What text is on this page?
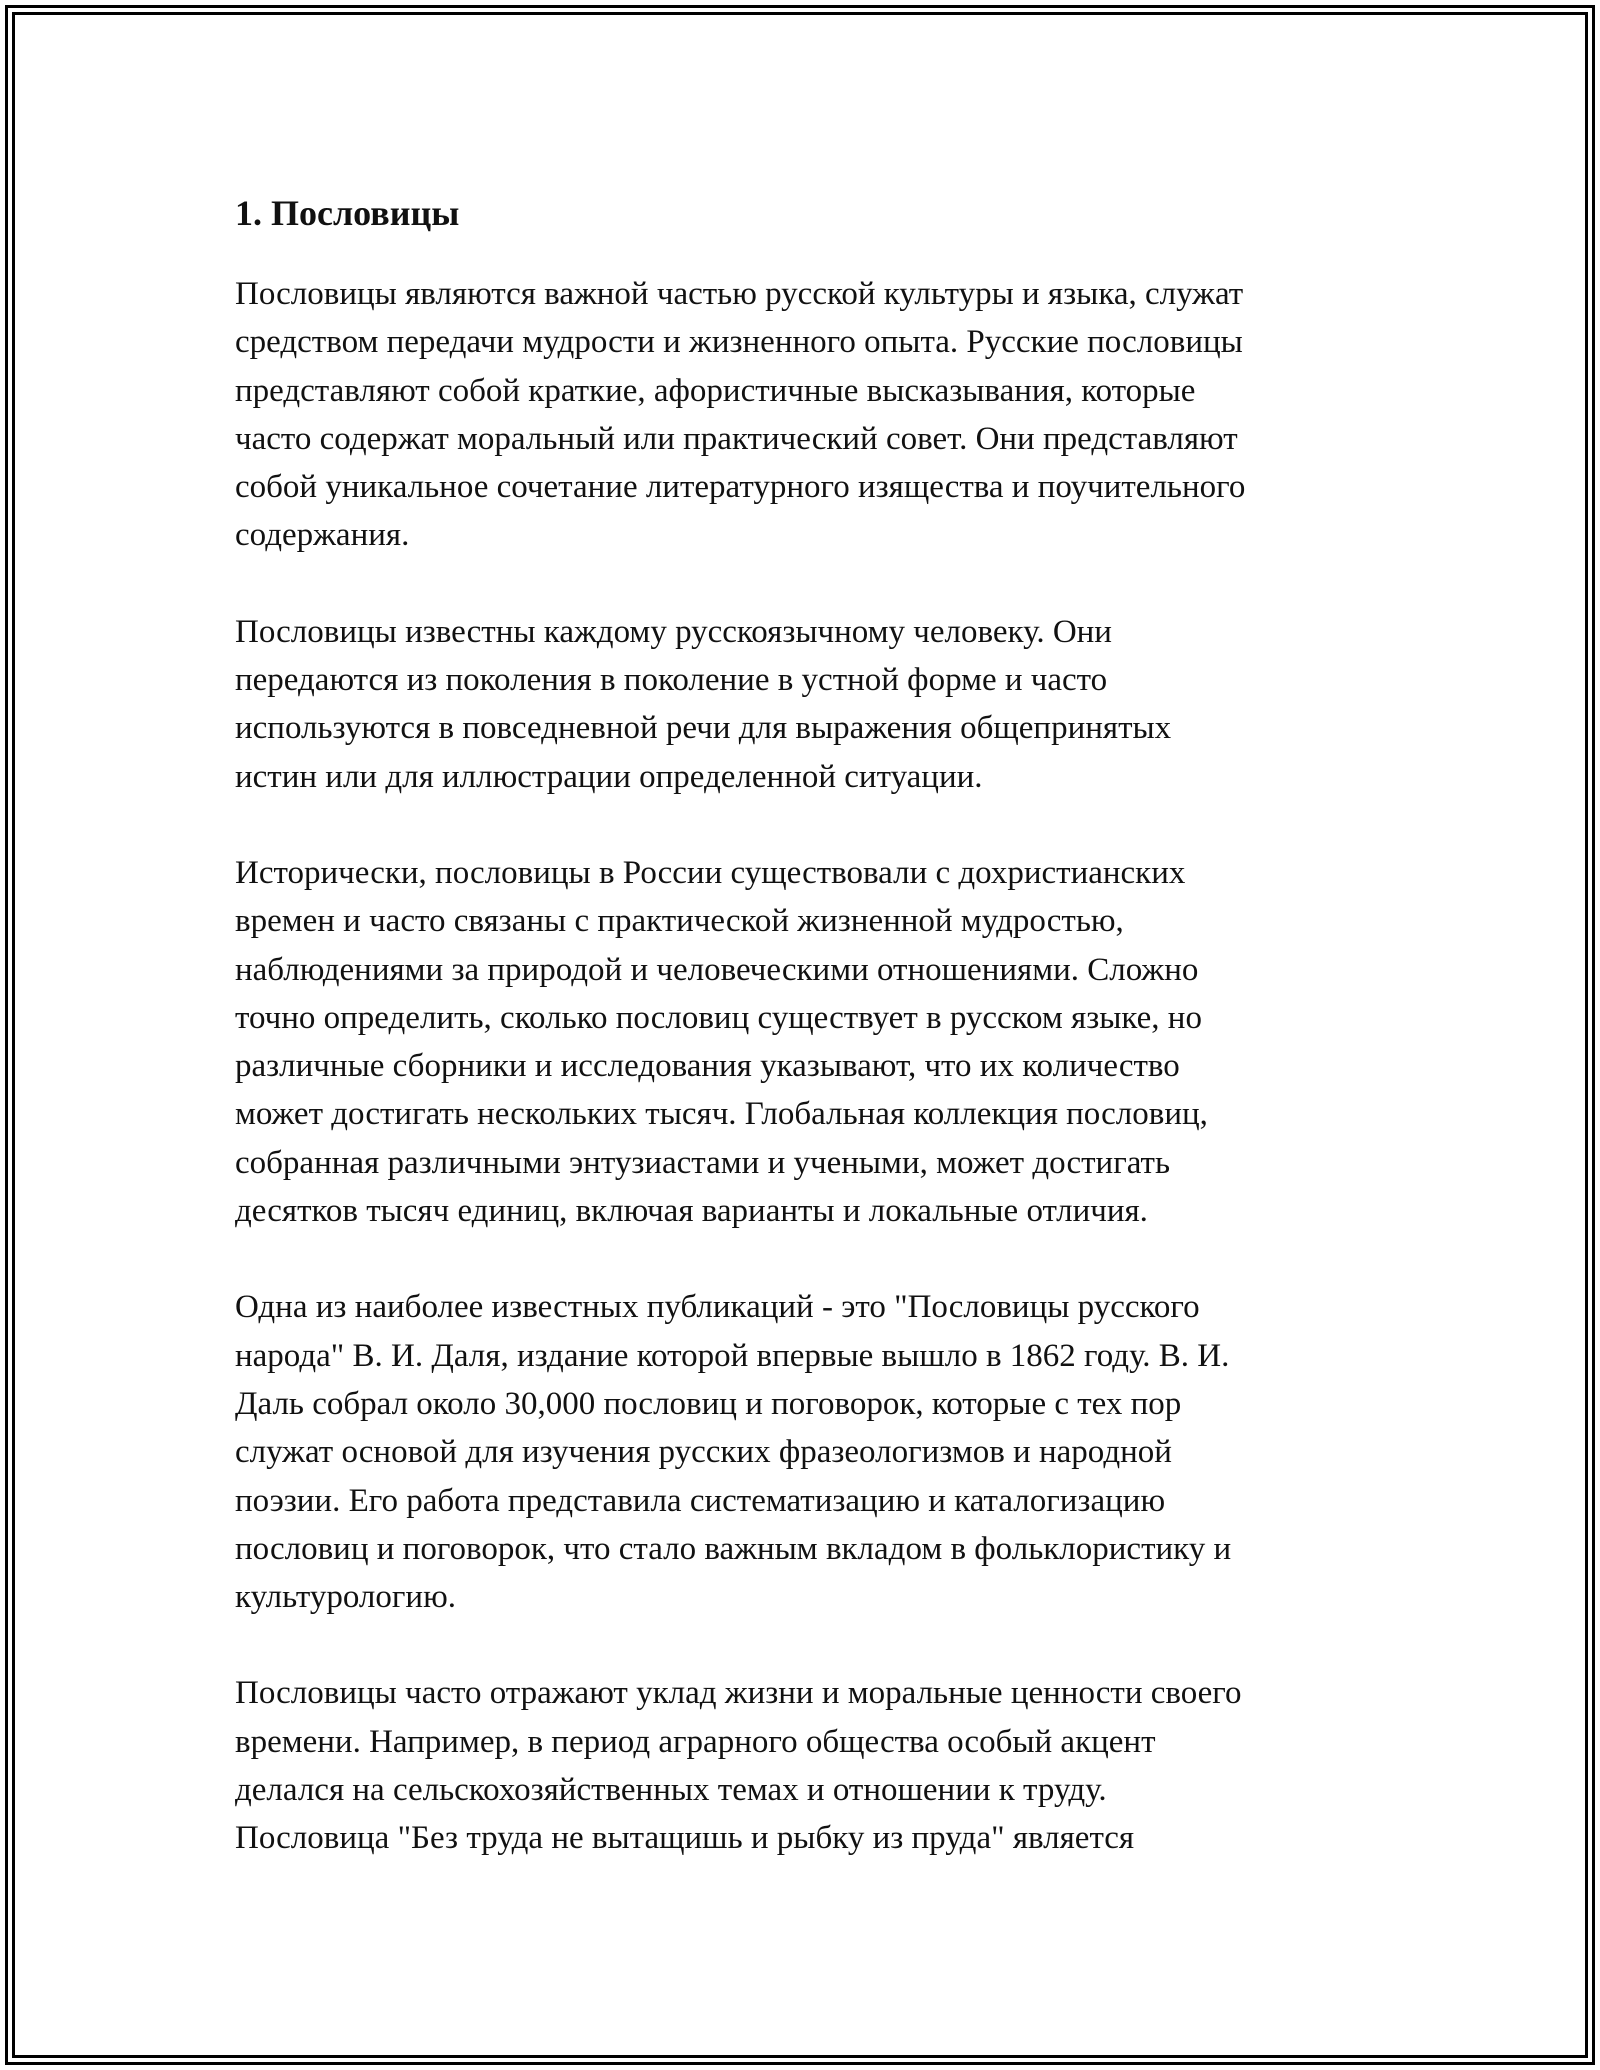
1. Пословицы

Пословицы являются важной частью русской культуры и языка, служат
средством передачи мудрости и жизненного опыта. Русские пословицы
представляют собой краткие, афористичные высказывания, которые
часто содержат моральный или практический совет. Они представляют
собой уникальное сочетание литературного изящества и поучительного
содержания.

Пословицы известны каждому русскоязычному человеку. Они
передаются из поколения в поколение в устной форме и часто
используются в повседневной речи для выражения общепринятых
истин или для иллюстрации определенной ситуации.

Исторически, пословицы в России существовали с дохристианских
времен и часто связаны с практической жизненной мудростью,
наблюдениями за природой и человеческими отношениями. Сложно
точно определить, сколько пословиц существует в русском языке, но
различные сборники и исследования указывают, что их количество
может достигать нескольких тысяч. Глобальная коллекция пословиц,
собранная различными энтузиастами и учеными, может достигать
десятков тысяч единиц, включая варианты и локальные отличия.

Одна из наиболее известных публикаций - это "Пословицы русского
народа" В. И. Даля, издание которой впервые вышло в 1862 году. В. И.
Даль собрал около 30,000 пословиц и поговорок, которые с тех пор
служат основой для изучения русских фразеологизмов и народной
поэзии. Его работа представила систематизацию и каталогизацию
пословиц и поговорок, что стало важным вкладом в фольклористику и
культурологию.

Пословицы часто отражают уклад жизни и моральные ценности своего
времени. Например, в период аграрного общества особый акцент
делался на сельскохозяйственных темах и отношении к труду.
Пословица "Без труда не вытащишь и рыбку из пруда" является
